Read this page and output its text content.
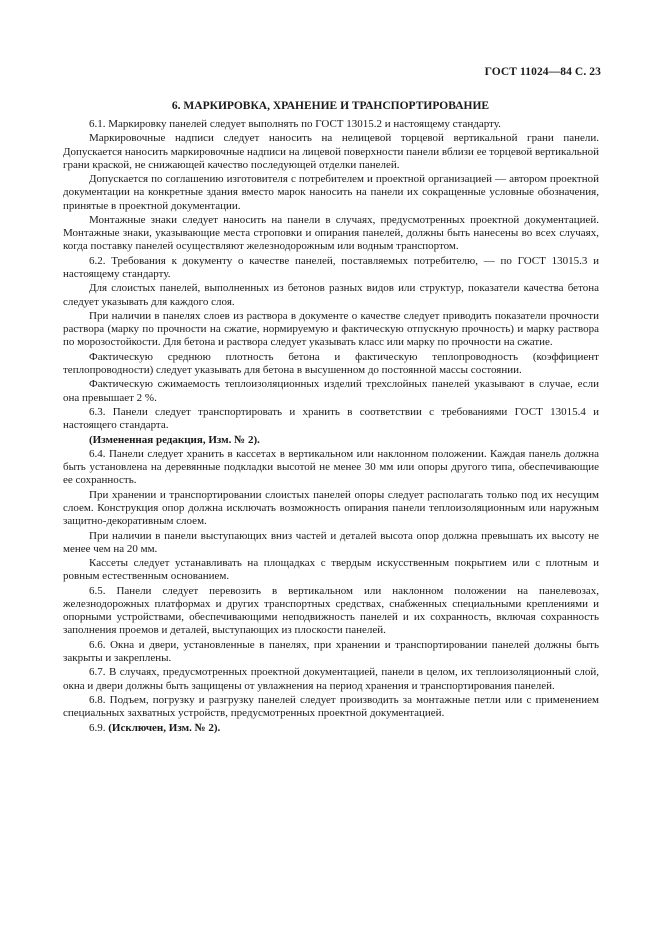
ГОСТ 11024—84 С. 23
6. МАРКИРОВКА, ХРАНЕНИЕ И ТРАНСПОРТИРОВАНИЕ

6.1. Маркировку панелей следует выполнять по ГОСТ 13015.2 и настоящему стандарту.

Маркировочные надписи следует наносить на нелицевой торцевой вертикальной грани панели. Допускается наносить маркировочные надписи на лицевой поверхности панели вблизи ее торцевой вертикальной грани краской, не снижающей качество последующей отделки панелей.

Допускается по соглашению изготовителя с потребителем и проектной организацией — автором проектной документации на конкретные здания вместо марок наносить на панели их сокращенные условные обозначения, принятые в проектной документации.

Монтажные знаки следует наносить на панели в случаях, предусмотренных проектной документацией. Монтажные знаки, указывающие места строповки и опирания панелей, должны быть нанесены во всех случаях, когда поставку панелей осуществляют железнодорожным или водным транспортом.

6.2. Требования к документу о качестве панелей, поставляемых потребителю, — по ГОСТ 13015.3 и настоящему стандарту.

Для слоистых панелей, выполненных из бетонов разных видов или структур, показатели качества бетона следует указывать для каждого слоя.

При наличии в панелях слоев из раствора в документе о качестве следует приводить показатели прочности раствора (марку по прочности на сжатие, нормируемую и фактическую отпускную прочность) и марку раствора по морозостойкости. Для бетона и раствора следует указывать класс или марку по прочности на сжатие.

Фактическую среднюю плотность бетона и фактическую теплопроводность (коэффициент теплопроводности) следует указывать для бетона в высушенном до постоянной массы состоянии.

Фактическую сжимаемость теплоизоляционных изделий трехслойных панелей указывают в случае, если она превышает 2 %.

6.3. Панели следует транспортировать и хранить в соответствии с требованиями ГОСТ 13015.4 и настоящего стандарта.

(Измененная редакция, Изм. № 2).

6.4. Панели следует хранить в кассетах в вертикальном или наклонном положении. Каждая панель должна быть установлена на деревянные подкладки высотой не менее 30 мм или опоры другого типа, обеспечивающие ее сохранность.

При хранении и транспортировании слоистых панелей опоры следует располагать только под их несущим слоем. Конструкция опор должна исключать возможность опирания панели теплоизоляционным или наружным защитно-декоративным слоем.

При наличии в панели выступающих вниз частей и деталей высота опор должна превышать их высоту не менее чем на 20 мм.

Кассеты следует устанавливать на площадках с твердым искусственным покрытием или с плотным и ровным естественным основанием.

6.5. Панели следует перевозить в вертикальном или наклонном положении на панелевозах, железнодорожных платформах и других транспортных средствах, снабженных специальными креплениями и опорными устройствами, обеспечивающими неподвижность панелей и их сохранность, включая сохранность заполнения проемов и деталей, выступающих из плоскости панелей.

6.6. Окна и двери, установленные в панелях, при хранении и транспортировании панелей должны быть закрыты и закреплены.

6.7. В случаях, предусмотренных проектной документацией, панели в целом, их теплоизоляционный слой, окна и двери должны быть защищены от увлажнения на период хранения и транспортирования панелей.

6.8. Подъем, погрузку и разгрузку панелей следует производить за монтажные петли или с применением специальных захватных устройств, предусмотренных проектной документацией.

6.9. (Исключен, Изм. № 2).
